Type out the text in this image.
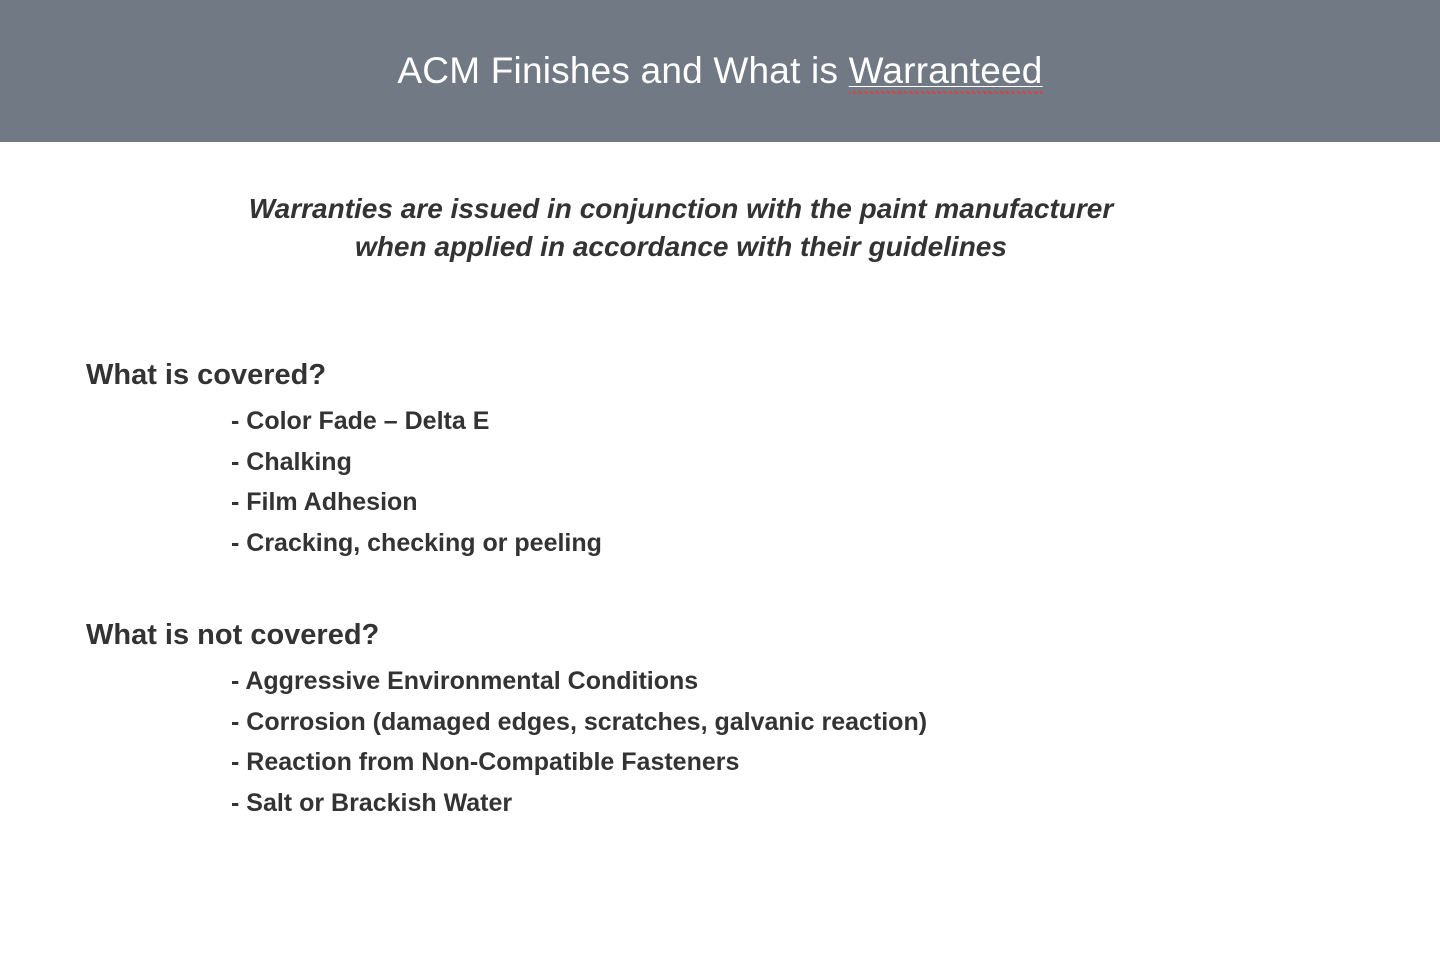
ACM Finishes and What is Warranteed
Warranties are issued in conjunction with the paint manufacturer
when applied in accordance with their guidelines
What is covered?
- Color Fade – Delta E
- Chalking
- Film Adhesion
- Cracking, checking or peeling
What is not covered?
- Aggressive Environmental Conditions
- Corrosion (damaged edges, scratches, galvanic reaction)
- Reaction from Non-Compatible Fasteners
- Salt or Brackish Water
